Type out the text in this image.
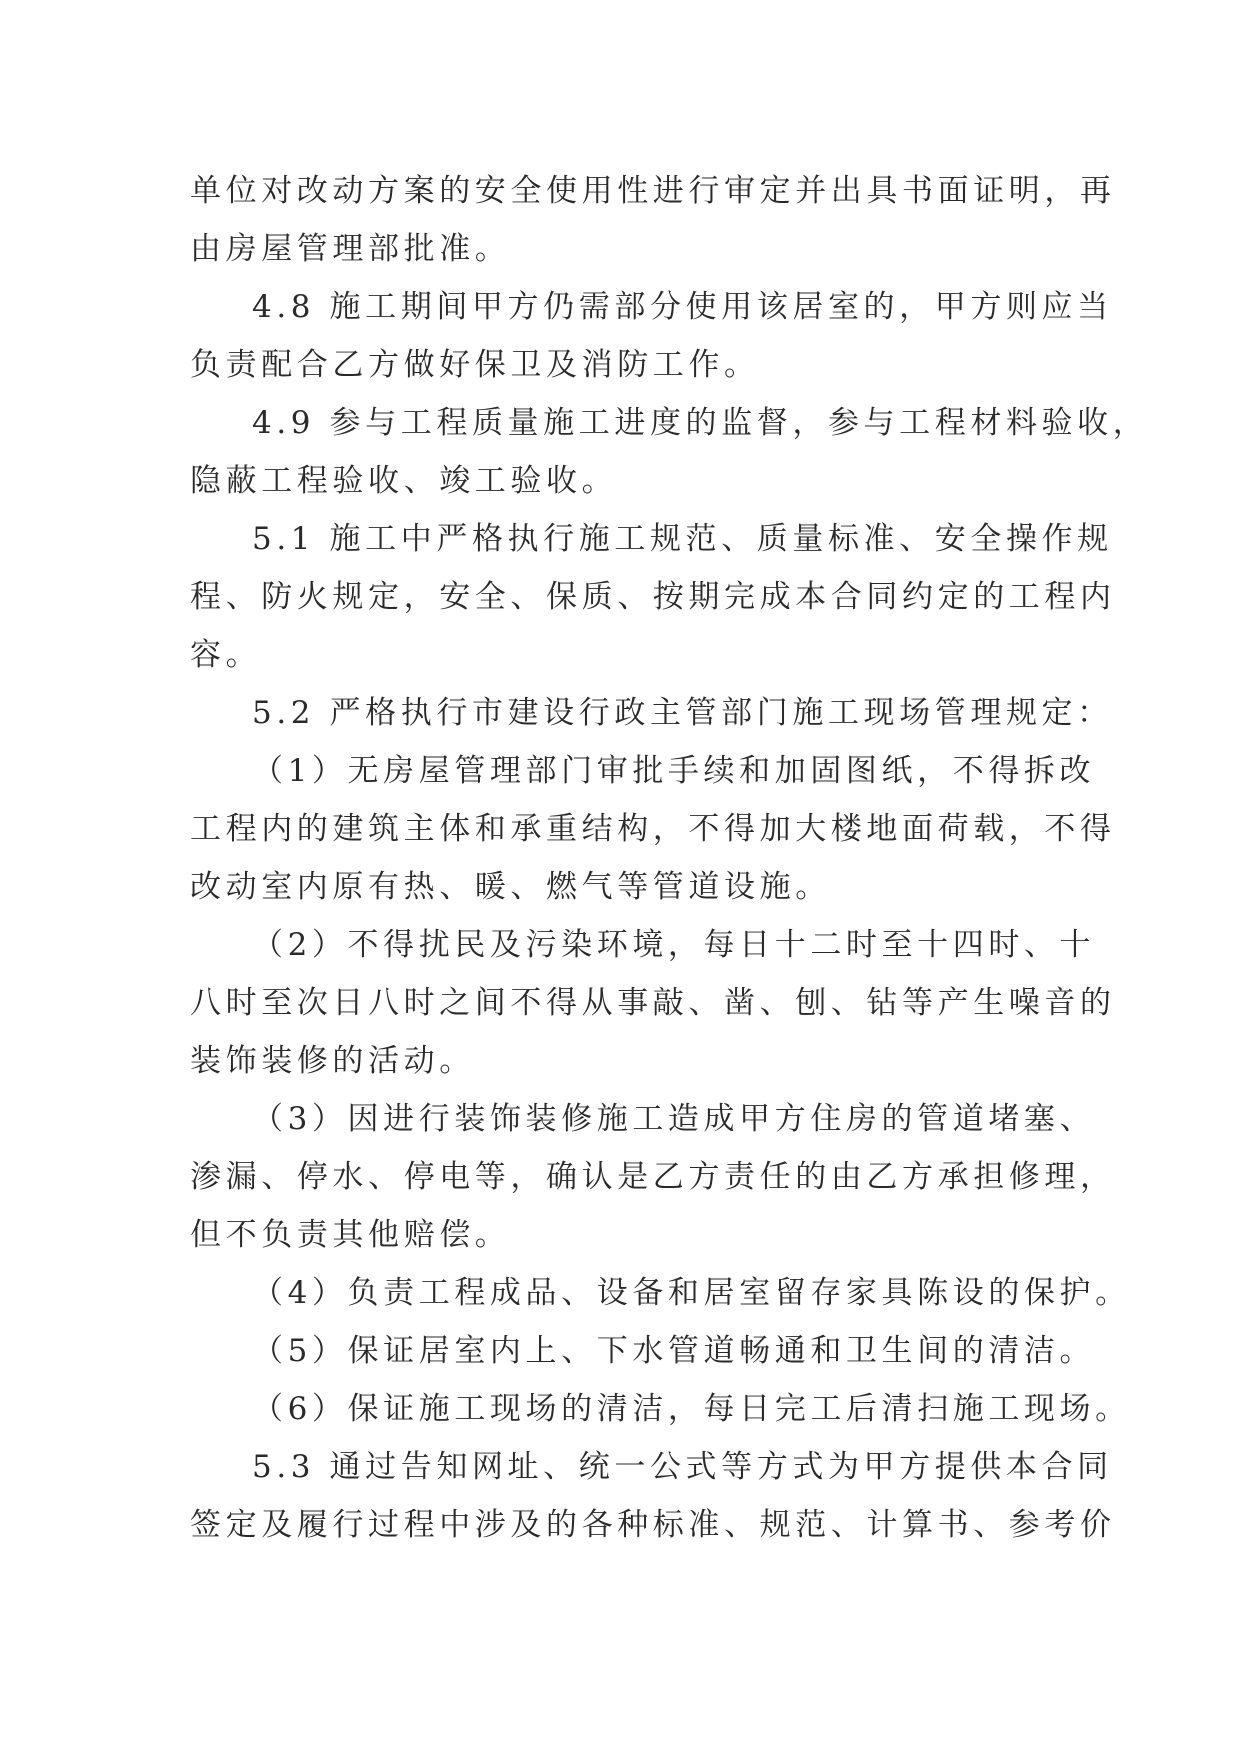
单位对改动方案的安全使用性进行审定并出具书面证明，再
由房屋管理部批准。
4.8 施工期间甲方仍需部分使用该居室的，甲方则应当
负责配合乙方做好保卫及消防工作。
4.9 参与工程质量施工进度的监督，参与工程材料验收，
隐蔽工程验收、竣工验收。
5.1 施工中严格执行施工规范、质量标准、安全操作规
程、防火规定，安全、保质、按期完成本合同约定的工程内
容。
5.2 严格执行市建设行政主管部门施工现场管理规定：
（1）无房屋管理部门审批手续和加固图纸，不得拆改
工程内的建筑主体和承重结构，不得加大楼地面荷载，不得
改动室内原有热、暖、燃气等管道设施。
（2）不得扰民及污染环境，每日十二时至十四时、十
八时至次日八时之间不得从事敲、凿、刨、钻等产生噪音的
装饰装修的活动。
（3）因进行装饰装修施工造成甲方住房的管道堵塞、
渗漏、停水、停电等，确认是乙方责任的由乙方承担修理，
但不负责其他赔偿。
（4）负责工程成品、设备和居室留存家具陈设的保护。
（5）保证居室内上、下水管道畅通和卫生间的清洁。
（6）保证施工现场的清洁，每日完工后清扫施工现场。
5.3 通过告知网址、统一公式等方式为甲方提供本合同
签定及履行过程中涉及的各种标准、规范、计算书、参考价
